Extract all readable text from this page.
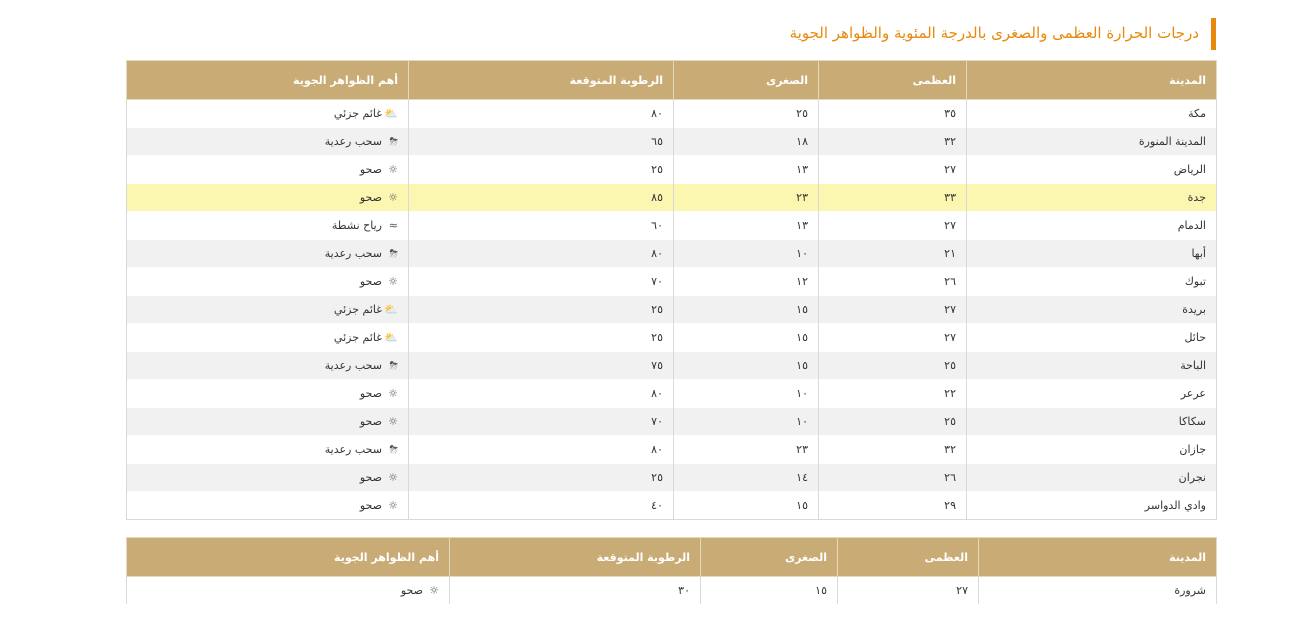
درجات الحرارة العظمى والصغرى بالدرجة المئوية والظواهر الجوية
المدينة	العظمى	الصغرى	الرطوبة المتوقعة	أهم الظواهر الجوية
مكة	٣٥	٢٥	٨٠	⛅غائم جزئي
المدينة المنورة	٣٢	١٨	٦٥	⛈سحب رعدية
الرياض	٢٧	١٣	٢٥	☼صحو
جدة	٣٣	٢٣	٨٥	☼صحو
الدمام	٢٧	١٣	٦٠	≈رياح نشطة
أبها	٢١	١٠	٨٠	⛈سحب رعدية
تبوك	٢٦	١٢	٧٠	☼صحو
بريدة	٢٧	١٥	٢٥	⛅غائم جزئي
حائل	٢٧	١٥	٢٥	⛅غائم جزئي
الباحة	٢٥	١٥	٧٥	⛈سحب رعدية
عرعر	٢٢	١٠	٨٠	☼صحو
سكاكا	٢٥	١٠	٧٠	☼صحو
جازان	٣٢	٢٣	٨٠	⛈سحب رعدية
نجران	٢٦	١٤	٢٥	☼صحو
وادي الدواسر	٢٩	١٥	٤٠	☼صحو
المدينة	العظمى	الصغرى	الرطوبة المتوقعة	أهم الظواهر الجوية
شرورة	٢٧	١٥	٣٠	☼صحو
